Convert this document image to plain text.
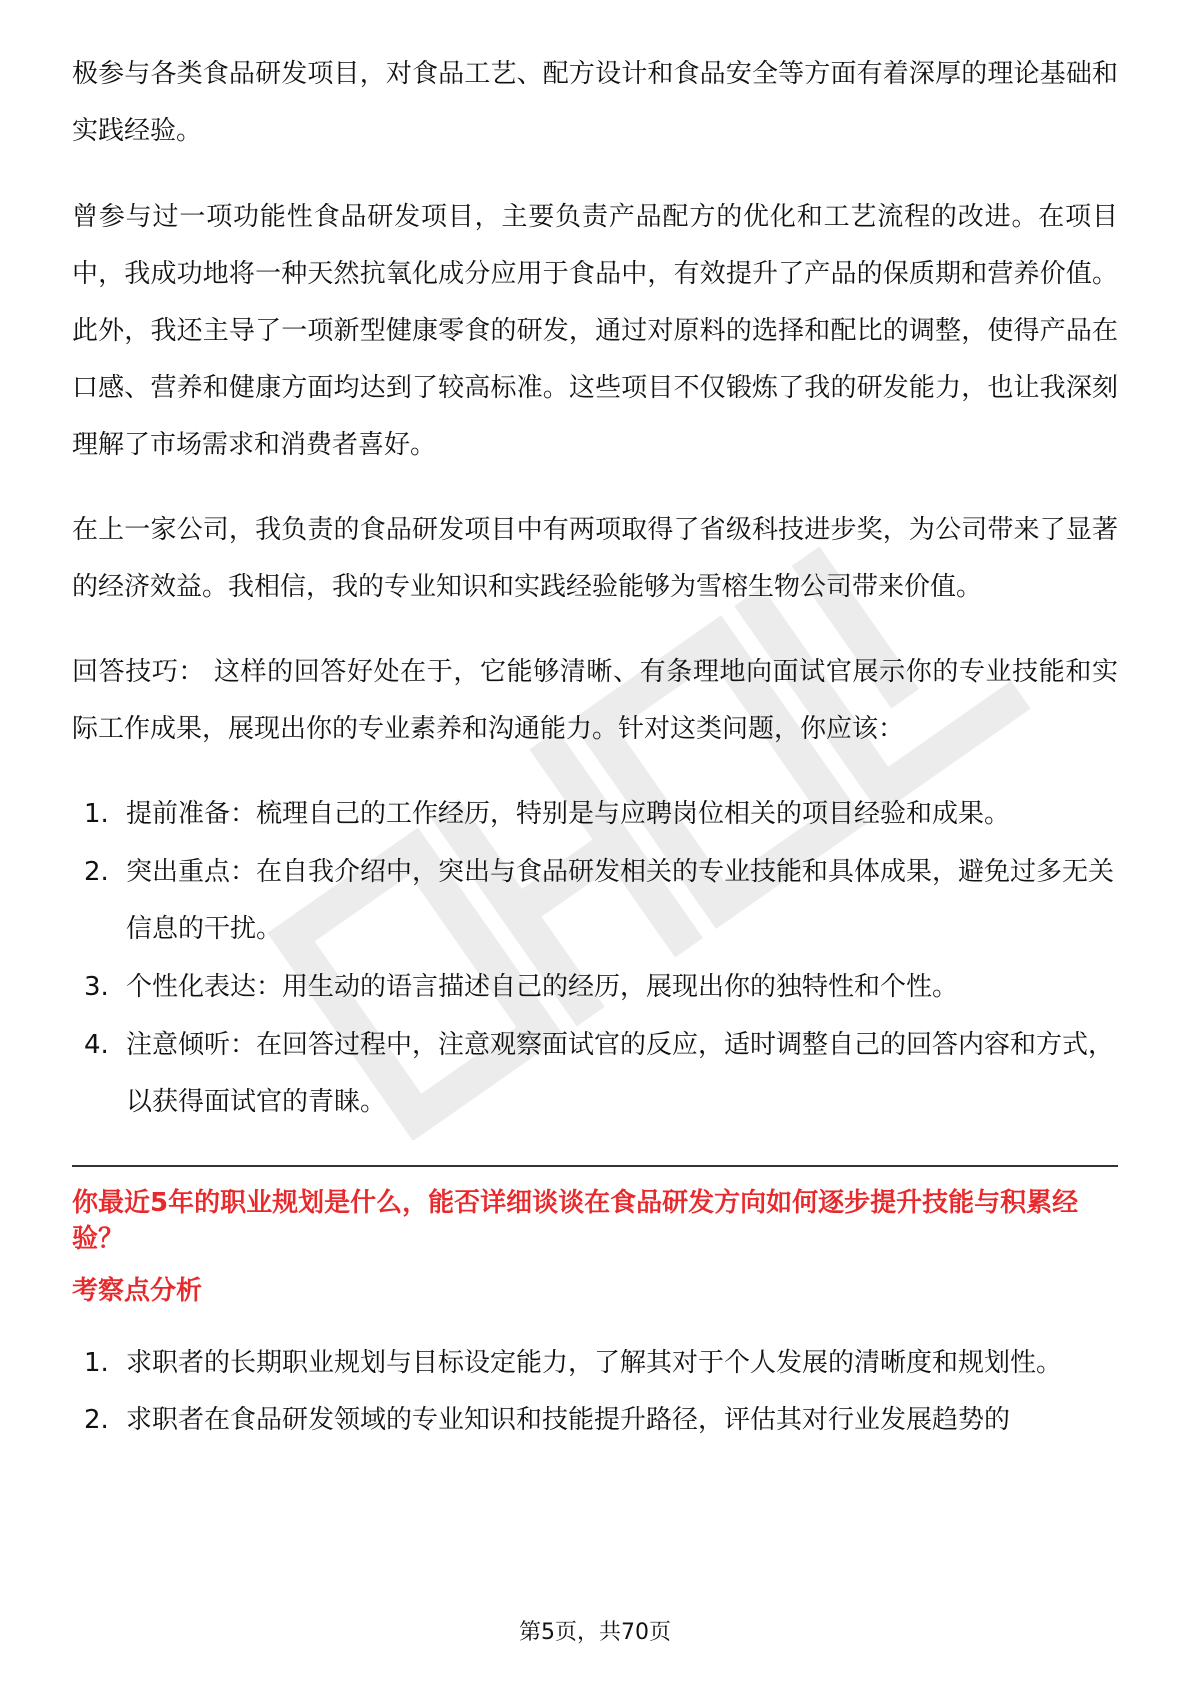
极参与各类食品研发项目，对食品工艺、配方设计和食品安全等方面有着深厚的理论基础和实践经验。

曾参与过一项功能性食品研发项目，主要负责产品配方的优化和工艺流程的改进。在项目中，我成功地将一种天然抗氧化成分应用于食品中，有效提升了产品的保质期和营养价值。此外，我还主导了一项新型健康零食的研发，通过对原料的选择和配比的调整，使得产品在口感、营养和健康方面均达到了较高标准。这些项目不仅锻炼了我的研发能力，也让我深刻理解了市场需求和消费者喜好。

在上一家公司，我负责的食品研发项目中有两项取得了省级科技进步奖，为公司带来了显著的经济效益。我相信，我的专业知识和实践经验能够为雪榕生物公司带来价值。

回答技巧： 这样的回答好处在于，它能够清晰、有条理地向面试官展示你的专业技能和实际工作成果，展现出你的专业素养和沟通能力。针对这类问题，你应该：

1. 提前准备：梳理自己的工作经历，特别是与应聘岗位相关的项目经验和成果。
2. 突出重点：在自我介绍中，突出与食品研发相关的专业技能和具体成果，避免过多无关信息的干扰。
3. 个性化表达：用生动的语言描述自己的经历，展现出你的独特性和个性。
4. 注意倾听：在回答过程中，注意观察面试官的反应，适时调整自己的回答内容和方式，以获得面试官的青睐。

你最近5年的职业规划是什么，能否详细谈谈在食品研发方向如何逐步提升技能与积累经验？

考察点分析

1. 求职者的长期职业规划与目标设定能力，了解其对于个人发展的清晰度和规划性。
2. 求职者在食品研发领域的专业知识和技能提升路径，评估其对行业发展趋势的
第5页，共70页
